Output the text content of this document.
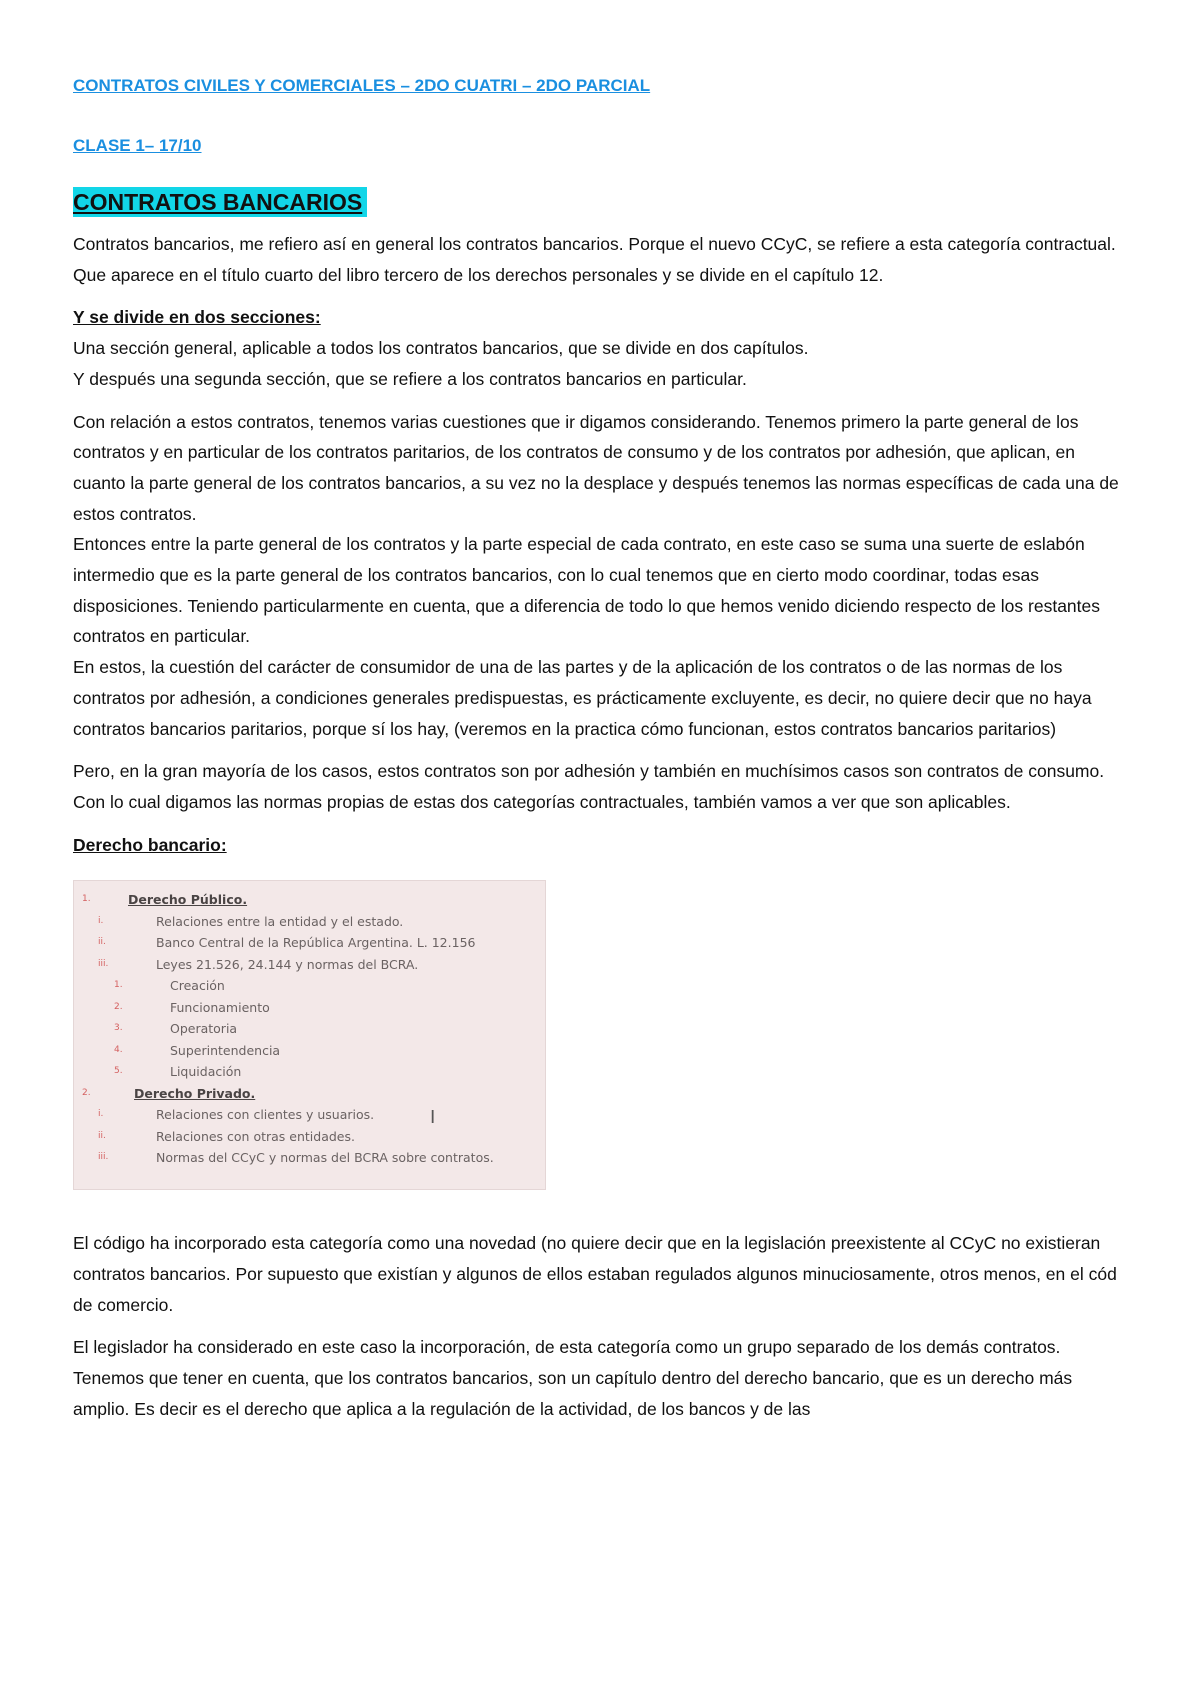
CONTRATOS CIVILES Y COMERCIALES – 2DO CUATRI – 2DO PARCIAL
CLASE 1– 17/10
CONTRATOS BANCARIOS

Contratos bancarios, me refiero así en general los contratos bancarios. Porque el nuevo CCyC, se refiere a esta categoría contractual. Que aparece en el título cuarto del libro tercero de los derechos personales y se divide en el capítulo 12.

Y se divide en dos secciones:

Una sección general, aplicable a todos los contratos bancarios, que se divide en dos capítulos.

Y después una segunda sección, que se refiere a los contratos bancarios en particular.

Con relación a estos contratos, tenemos varias cuestiones que ir digamos considerando. Tenemos primero la parte general de los contratos y en particular de los contratos paritarios, de los contratos de consumo y de los contratos por adhesión, que aplican, en cuanto la parte general de los contratos bancarios, a su vez no la desplace y después tenemos las normas específicas de cada una de estos contratos.

Entonces entre la parte general de los contratos y la parte especial de cada contrato, en este caso se suma una suerte de eslabón intermedio que es la parte general de los contratos bancarios, con lo cual tenemos que en cierto modo coordinar, todas esas disposiciones. Teniendo particularmente en cuenta, que a diferencia de todo lo que hemos venido diciendo respecto de los restantes contratos en particular.

En estos, la cuestión del carácter de consumidor de una de las partes y de la aplicación de los contratos o de las normas de los contratos por adhesión, a condiciones generales predispuestas, es prácticamente excluyente, es decir, no quiere decir que no haya contratos bancarios paritarios, porque sí los hay, (veremos en la practica cómo funcionan, estos contratos bancarios paritarios)

Pero, en la gran mayoría de los casos, estos contratos son por adhesión y también en muchísimos casos son contratos de consumo.

Con lo cual digamos las normas propias de estas dos categorías contractuales, también vamos a ver que son aplicables.

Derecho bancario:

1.	Derecho Público.
i.	Relaciones entre la entidad y el estado.
ii.	Banco Central de la República Argentina. L. 12.156
iii.	Leyes 21.526, 24.144 y normas del BCRA.
1.	Creación
2.	Funcionamiento
3.	Operatoria
4.	Superintendencia
5.	Liquidación
2.	Derecho Privado.
i.	Relaciones con clientes y usuarios.
ii.	Relaciones con otras entidades.
iii.	Normas del CCyC y normas del BCRA sobre contratos.
I

El código ha incorporado esta categoría como una novedad (no quiere decir que en la legislación preexistente al CCyC no existieran contratos bancarios. Por supuesto que existían y algunos de ellos estaban regulados algunos minuciosamente, otros menos, en el cód de comercio.

El legislador ha considerado en este caso la incorporación, de esta categoría como un grupo separado de los demás contratos.

Tenemos que tener en cuenta, que los contratos bancarios, son un capítulo dentro del derecho bancario, que es un derecho más amplio. Es decir es el derecho que aplica a la regulación de la actividad, de los bancos y de las
